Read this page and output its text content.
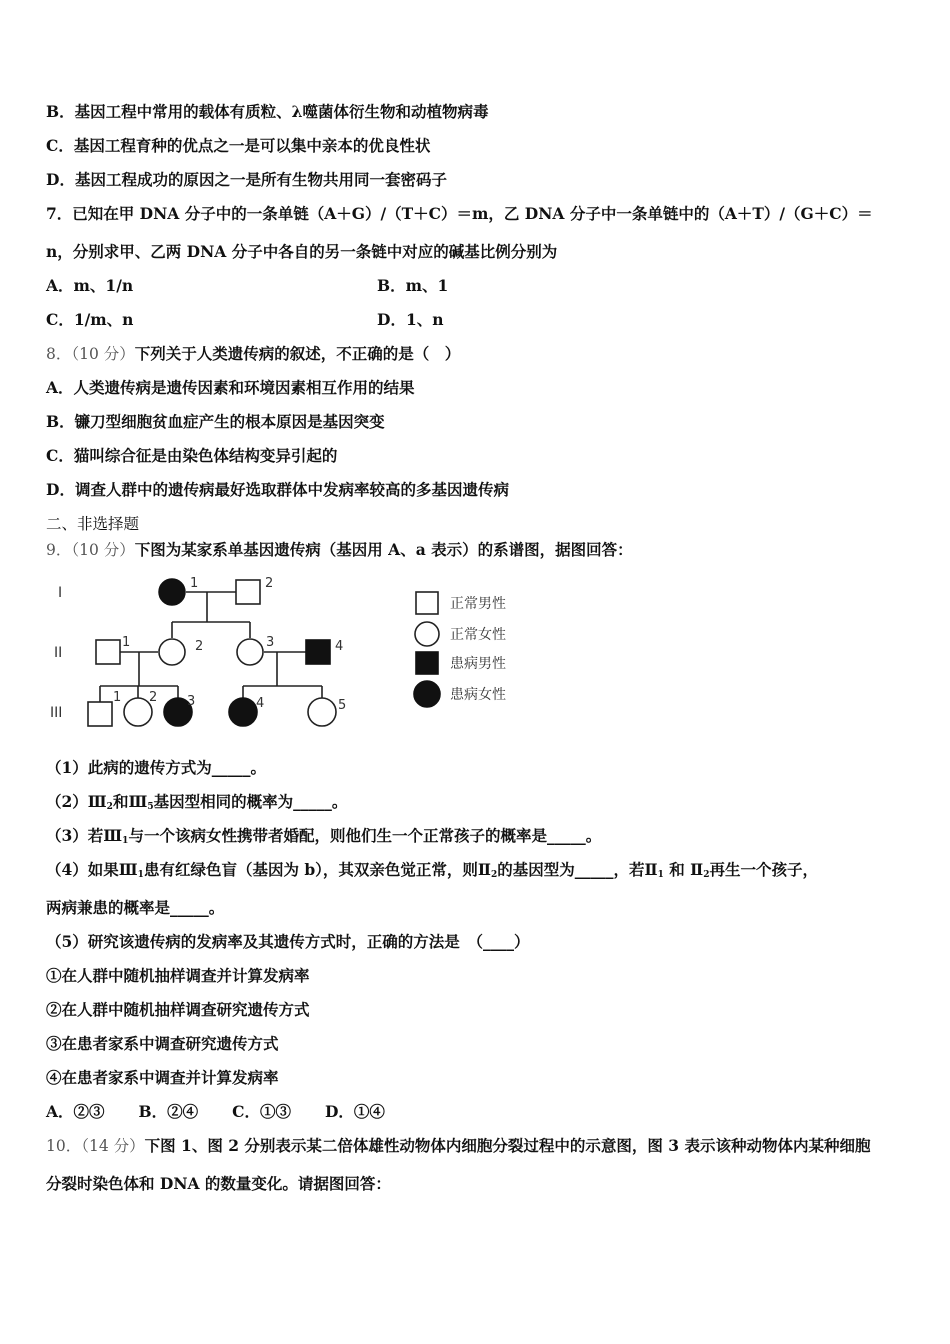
B．基因工程中常用的载体有质粒、λ噬菌体衍生物和动植物病毒
C．基因工程育种的优点之一是可以集中亲本的优良性状
D．基因工程成功的原因之一是所有生物共用同一套密码子
7．已知在甲 DNA 分子中的一条单链（A＋G）/（T＋C）＝m，乙 DNA 分子中一条单链中的（A＋T）/（G＋C）＝
n，分别求甲、乙两 DNA 分子中各自的另一条链中对应的碱基比例分别为
A．m、1/n	B．m、1
C．1/m、n	D．1、n
8．（10 分）下列关于人类遗传病的叙述，不正确的是（　）
A．人类遗传病是遗传因素和环境因素相互作用的结果
B．镰刀型细胞贫血症产生的根本原因是基因突变
C．猫叫综合征是由染色体结构变异引起的
D．调查人群中的遗传病最好选取群体中发病率较高的多基因遗传病
二、非选择题
9．（10 分）下图为某家系单基因遗传病（基因用 A、a 表示）的系谱图，据图回答：
I
II
III
1	2
1	2	3	4
1 2 3	4	5
正常男性
正常女性
患病男性
患病女性
（1）此病的遗传方式为_____。
$(2)Ⅲ_2$和$Ⅲ_5$基因型相同的概率为_____。
（3）若$Ⅲ_1$与一个该病女性携带者婚配，则他们生一个正常孩子的概率是_____。
（4）如果$Ⅲ_1$患有红绿色盲（基因为 b），其双亲色觉正常，则$Ⅱ_2$的基因型为_____，若$Ⅱ_1$ 和 $Ⅱ_2$再生一个孩子，
两病兼患的概率是_____。
（5）研究该遗传病的发病率及其遗传方式时，正确的方法是　（____）
①在人群中随机抽样调查并计算发病率
②在人群中随机抽样调查研究遗传方式
③在患者家系中调查研究遗传方式
④在患者家系中调查并计算发病率
A．②③ B．②④ C．①③ D．①④
10．（14 分）下图 1、图 2 分别表示某二倍体雄性动物体内细胞分裂过程中的示意图，图 3 表示该种动物体内某种细胞
分裂时染色体和 DNA 的数量变化。请据图回答：
